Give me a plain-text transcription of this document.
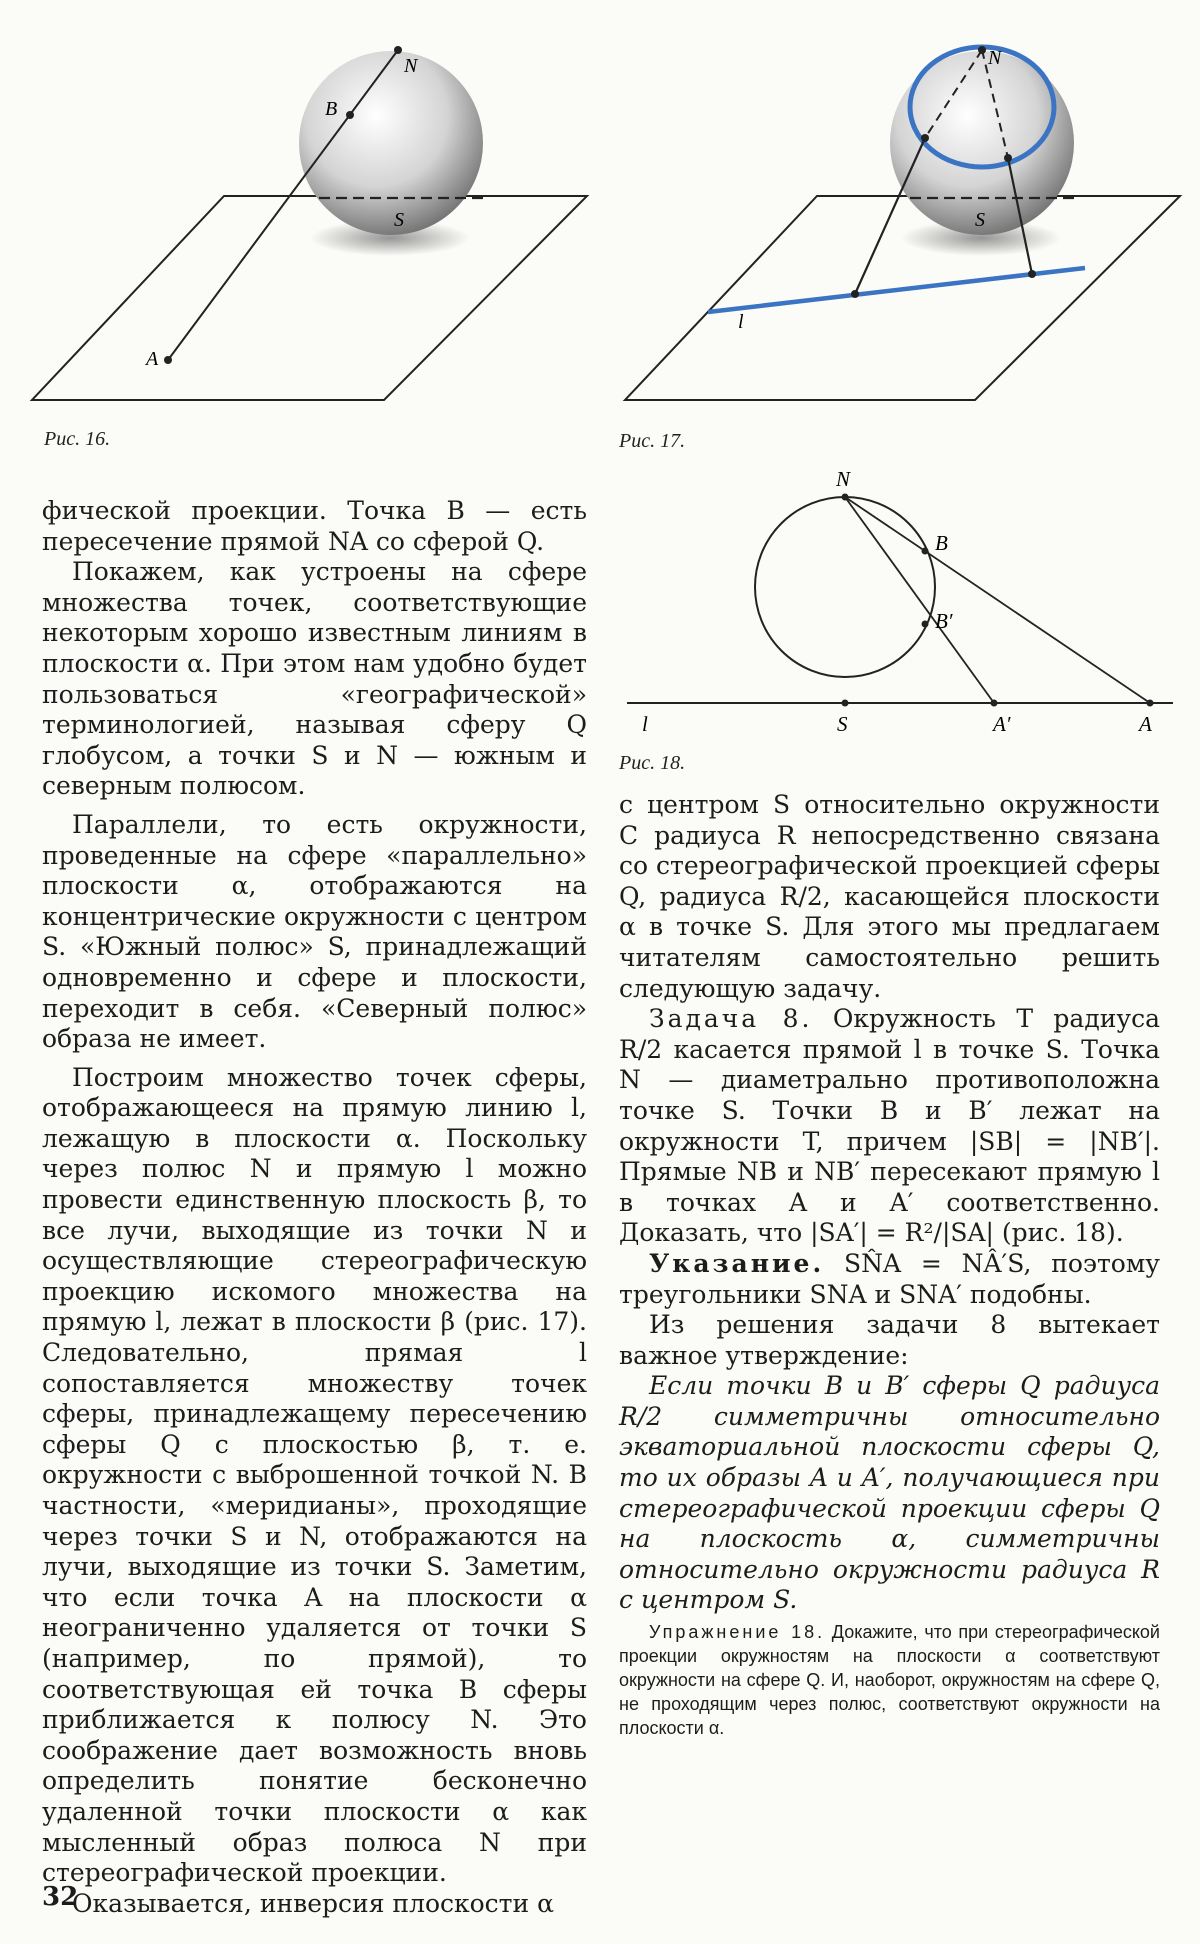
N
B
S
A
Рис. 16.
N
S
l
Рис. 17.
N
B
B′
l	S	A′	A
Рис. 18.

фической проекции. Точка B — есть пересечение прямой NA со сферой Q.

Покажем, как устроены на сфере множества точек, соответствующие некоторым хорошо известным линиям в плоскости α. При этом нам удобно будет пользоваться «географической» терминологией, называя сферу Q глобусом, а точки S и N — южным и северным полюсом.

Параллели, то есть окружности, проведенные на сфере «параллельно» плоскости α, отображаются на концентрические окружности с центром S. «Южный полюс» S, принадлежащий одновременно и сфере и плоскости, переходит в себя. «Северный полюс» образа не имеет.

Построим множество точек сферы, отображающееся на прямую линию l, лежащую в плоскости α. Поскольку через полюс N и прямую l можно провести единственную плоскость β, то все лучи, выходящие из точки N и осуществляющие стереографическую проекцию искомого множества на прямую l, лежат в плоскости β (рис. 17). Следовательно, прямая l сопоставляется множеству точек сферы, принадлежащему пересечению сферы Q с плоскостью β, т. е. окружности с выброшенной точкой N. В частности, «меридианы», проходящие через точки S и N, отображаются на лучи, выходящие из точки S. Заметим, что если точка A на плоскости α неограниченно удаляется от точки S (например, по прямой), то соответствующая ей точка B сферы приближается к полюсу N. Это соображение дает возможность вновь определить понятие бесконечно удаленной точки плоскости α как мысленный образ полюса N при стереографической проекции.

Оказывается, инверсия плоскости α

с центром S относительно окружности C радиуса R непосредственно связана со стереографической проекцией сферы Q, радиуса R/2, касающейся плоскости α в точке S. Для этого мы предлагаем читателям самостоятельно решить следующую задачу.

Задача 8. Окружность T радиуса R/2 касается прямой l в точке S. Точка N — диаметрально противоположна точке S. Точки B и B′ лежат на окружности T, причем |SB| = |NB′|. Прямые NB и NB′ пересекают прямую l в точках A и A′ соответственно. Доказать, что |SA′| = R²/|SA| (рис. 18).

Указание. SN̂A = NÂ′S, поэтому треугольники SNA и SNA′ подобны.

Из решения задачи 8 вытекает важное утверждение:

Если точки B и B′ сферы Q радиуса R/2 симметричны относительно экваториальной плоскости сферы Q, то их образы A и A′, получающиеся при стереографической проекции сферы Q на плоскость α, симметричны относительно окружности радиуса R с центром S.

Упражнение 18. Докажите, что при стереографической проекции окружностям на плоскости α соответствуют окружности на сфере Q. И, наоборот, окружностям на сфере Q, не проходящим через полюс, соответствуют окружности на плоскости α.

32
